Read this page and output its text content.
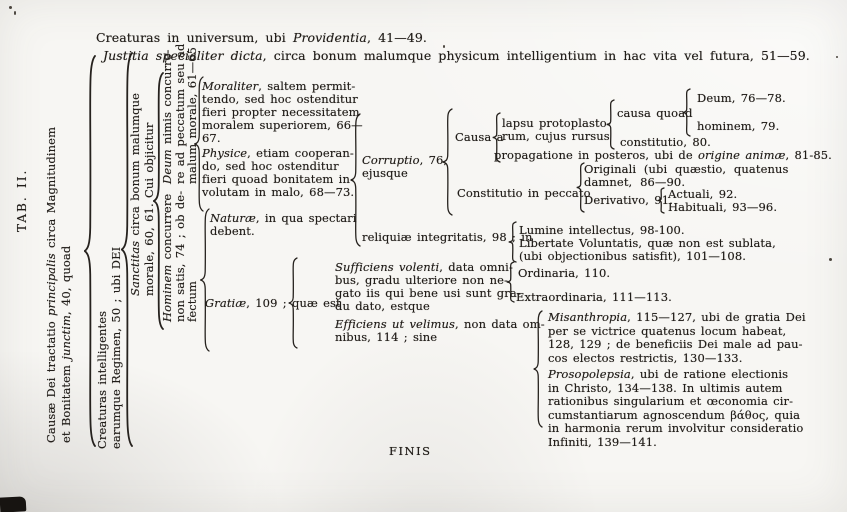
TAB. II.
Causæ Dei tractatio principalis circa Magnitudinem
et Bonitatem junctim, 40, quoad
Creaturas intelligentes
earumque Regimen, 50 ; ubi DEI Sanctitas circa bonum malumque
morale, 60, 61. Cui objicitur Deum nimis concurre-
re ad peccatum seu ad
malum morale, 61—65
Hominem concurrere
non satis, 74 ; ob de-
fectum
Creaturas in universum, ubi Providentia, 41—49.
Justitia specialiter dicta, circa bonum malumque physicum intelligentium in hac vita vel futura, 51—59.
Moraliter, saltem permit-
tendo, sed hoc ostenditur
fieri propter necessitatem
moralem superiorem, 66—
67.
Physice, etiam cooperan-
do, sed hoc ostenditur
fieri quoad bonitatem in-
volutam in malo, 68—73.
Naturæ, in qua spectari
debent.
Corruptio, 76,
ejusque
Causa a
lapsu protoplasto-
rum, cujus rursus
propagatione in posteros, ubi de origine animæ, 81-85.
causa quoad
Deum, 76—78.
hominem, 79.
constitutio, 80.
Constitutio in peccato
Originali (ubi quæstio, quatenus
damnet, 86—90.
Derivativo, 91.
Actuali, 92.
Habituali, 93—96.
reliquiæ integritatis, 98 ; in
Lumine intellectus, 98-100.
Libertate Voluntatis, quæ non est sublata,
(ubi objectionibus satisfit), 101—108.
Gratiæ, 109 ; quæ est
Sufficiens volenti, data omni-
bus, gradu ulteriore non ne-
gato iis qui bene usi sunt gra-
du dato, estque
Ordinaria, 110.
Extraordinaria, 111—113.
Efficiens ut velimus, non data om-
nibus, 114 ; sine
Misanthropia, 115—127, ubi de gratia Dei
per se victrice quatenus locum habeat,
128, 129 ; de beneficiis Dei male ad pau-
cos electos restrictis, 130—133.
Prosopolepsia, ubi de ratione electionis
in Christo, 134—138. In ultimis autem
rationibus singularium et œconomia cir-
cumstantiarum agnoscendum βάθος, quia
in harmonia rerum involvitur consideratio
Infiniti, 139—141.
FINIS
